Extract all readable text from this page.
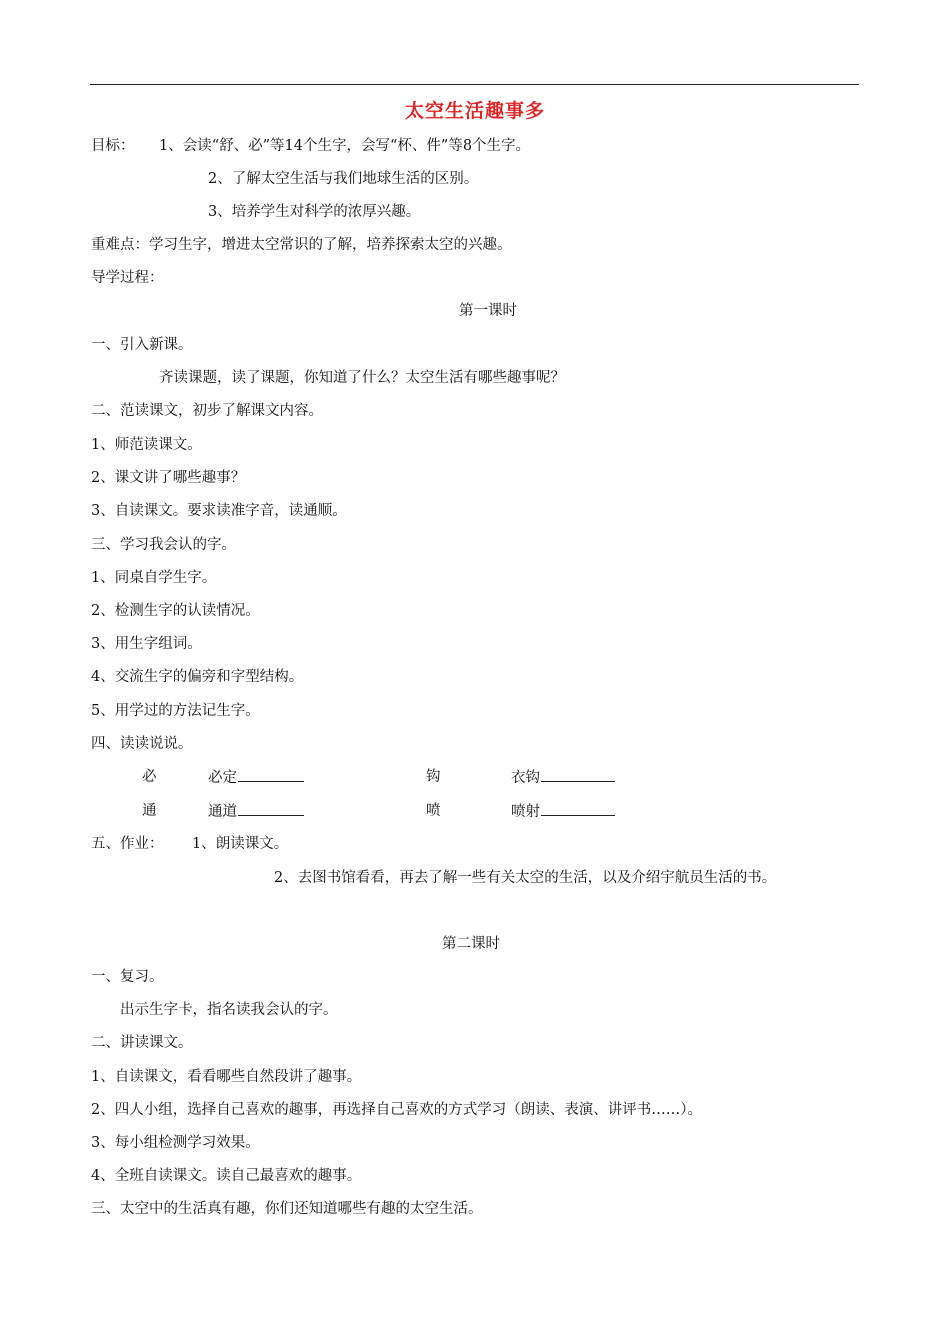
太空生活趣事多
目标： 1、会读“舒、必”等14个生字，会写“杯、件”等8个生字。
2、了解太空生活与我们地球生活的区别。
3、培养学生对科学的浓厚兴趣。
重难点：学习生字，增进太空常识的了解，培养探索太空的兴趣。
导学过程：
第一课时
一、引入新课。
齐读课题，读了课题，你知道了什么？太空生活有哪些趣事呢？
二、范读课文，初步了解课文内容。
1、师范读课文。
2、课文讲了哪些趣事？
3、自读课文。要求读准字音，读通顺。
三、学习我会认的字。
1、同桌自学生字。
2、检测生字的认读情况。
3、用生字组词。
4、交流生字的偏旁和字型结构。
5、用学过的方法记生字。
四、读读说说。
必	必定	钩	衣钩
通	通道	喷	喷射
五、作业： 1、朗读课文。
2、去图书馆看看，再去了解一些有关太空的生活，以及介绍宇航员生活的书。
第二课时
一、复习。
出示生字卡，指名读我会认的字。
二、讲读课文。
1、自读课文，看看哪些自然段讲了趣事。
2、四人小组，选择自己喜欢的趣事，再选择自己喜欢的方式学习（朗读、表演、讲评书……）。
3、每小组检测学习效果。
4、全班自读课文。读自己最喜欢的趣事。
三、太空中的生活真有趣，你们还知道哪些有趣的太空生活。
